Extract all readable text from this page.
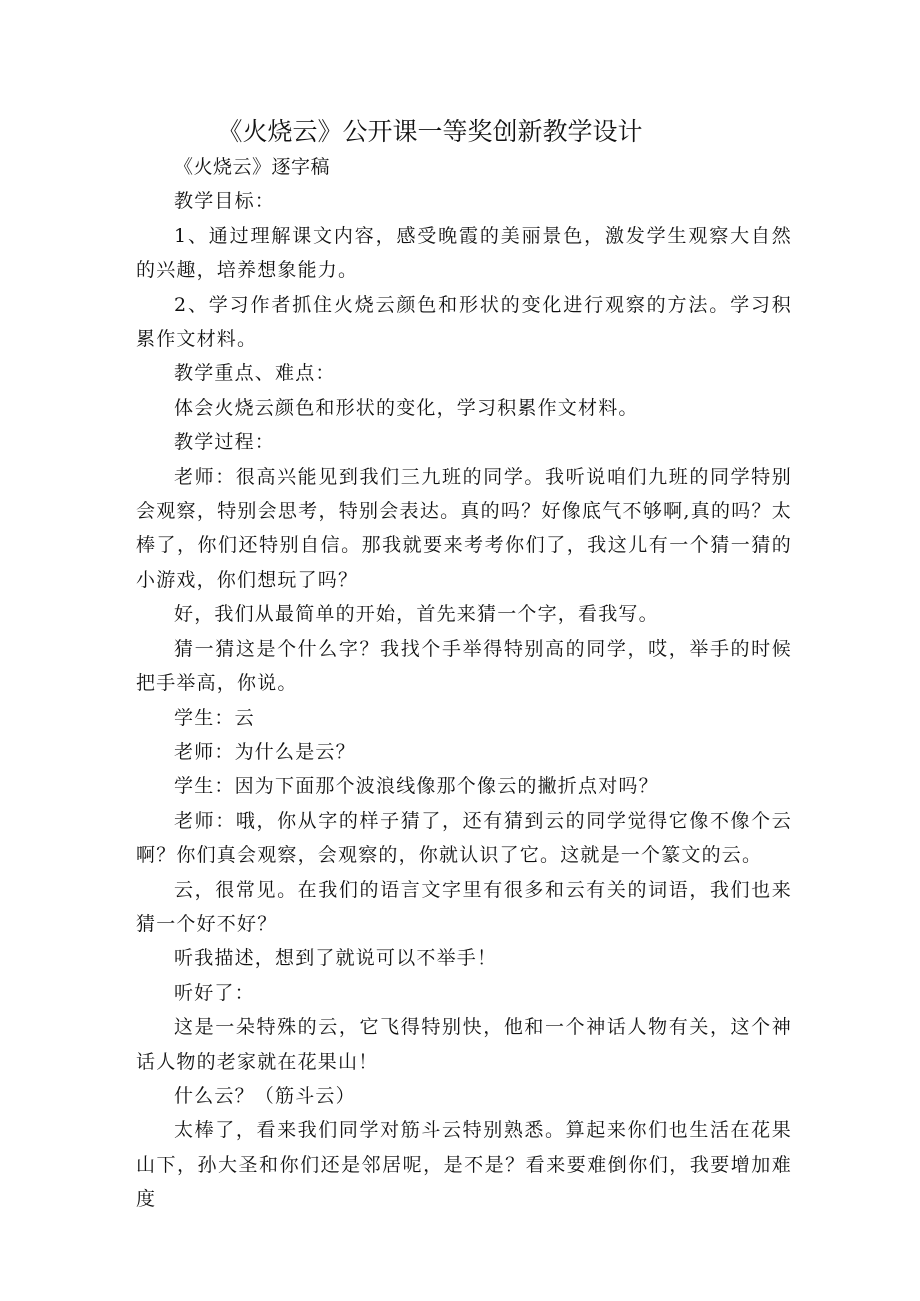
《火烧云》公开课一等奖创新教学设计

《火烧云》逐字稿

教学目标：

1、通过理解课文内容，感受晚霞的美丽景色，激发学生观察大自然的兴趣，培养想象能力。

2、学习作者抓住火烧云颜色和形状的变化进行观察的方法。学习积累作文材料。

教学重点、难点：

体会火烧云颜色和形状的变化，学习积累作文材料。

教学过程：

老师：很高兴能见到我们三九班的同学。我听说咱们九班的同学特别会观察，特别会思考，特别会表达。真的吗？好像底气不够啊,真的吗？太棒了，你们还特别自信。那我就要来考考你们了，我这儿有一个猜一猜的小游戏，你们想玩了吗？

好，我们从最简单的开始，首先来猜一个字，看我写。

猜一猜这是个什么字？我找个手举得特别高的同学，哎，举手的时候把手举高，你说。

学生：云

老师：为什么是云？

学生：因为下面那个波浪线像那个像云的撇折点对吗？

老师：哦，你从字的样子猜了，还有猜到云的同学觉得它像不像个云啊？你们真会观察，会观察的，你就认识了它。这就是一个篆文的云。

云，很常见。在我们的语言文字里有很多和云有关的词语，我们也来猜一个好不好？

听我描述，想到了就说可以不举手！

听好了：

这是一朵特殊的云，它飞得特别快，他和一个神话人物有关，这个神话人物的老家就在花果山！

什么云？（筋斗云）

太棒了，看来我们同学对筋斗云特别熟悉。算起来你们也生活在花果山下，孙大圣和你们还是邻居呢，是不是？看来要难倒你们，我要增加难度
